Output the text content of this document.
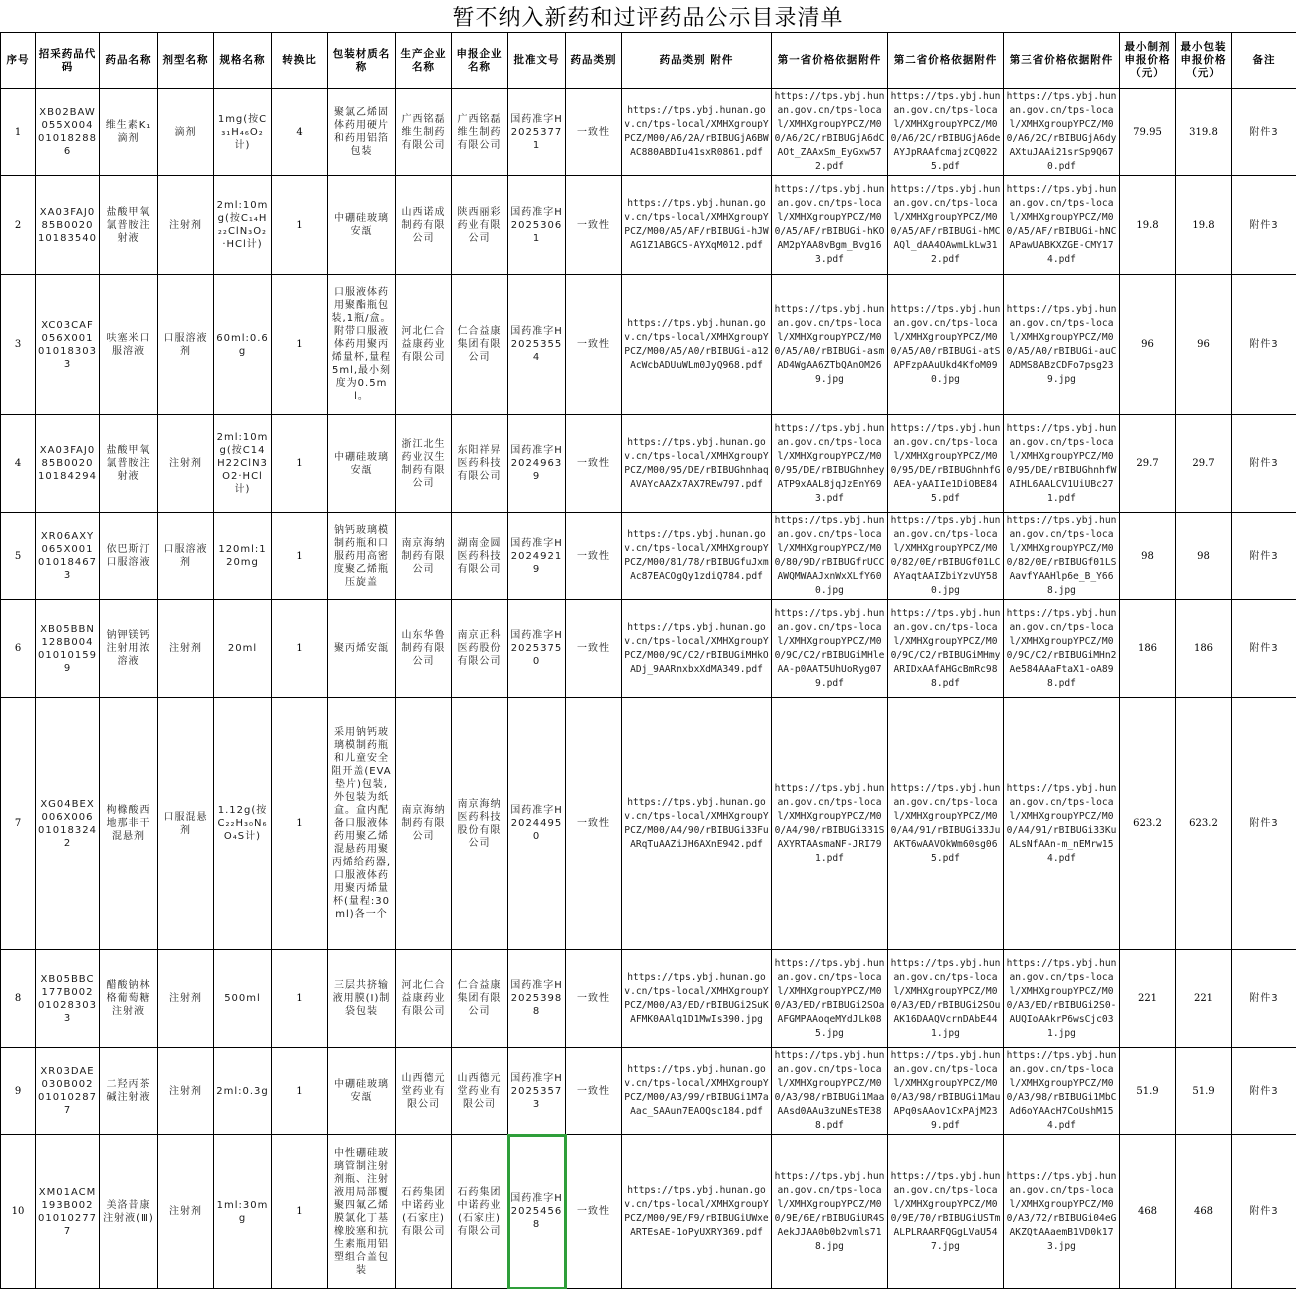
暂不纳入新药和过评药品公示目录清单
序号	招采药品代码	药品名称	剂型名称	规格名称	转换比	包装材质名称	生产企业名称	申报企业名称	批准文号	药品类别	药品类别 附件	第一省价格依据附件	第二省价格依据附件	第三省价格依据附件	最小制剂申报价格（元）	最小包装申报价格（元）	备注
1	XB02BAW055X004010182886	维生素K₁滴剂	滴剂	1mg(按C₃₁H₄₆O₂计)	4	聚氯乙烯固体药用硬片和药用铝箔包装	广西铭磊维生制药有限公司	广西铭磊维生制药有限公司	国药准字H20253771	一致性	https://tps.ybj.hunan.gov.cn/tps-local/XMHXgroupYPCZ/M00/A6/2A/rBIBUGjA6BWAC880ABDIu41sxR0861.pdf	https://tps.ybj.hunan.gov.cn/tps-local/XMHXgroupYPCZ/M00/A6/2C/rBIBUGjA6dCAOt_ZAAxSm_EyGxw572.pdf	https://tps.ybj.hunan.gov.cn/tps-local/XMHXgroupYPCZ/M00/A6/2C/rBIBUGjA6deAYJpRAAfcmajzCQ0225.pdf	https://tps.ybj.hunan.gov.cn/tps-local/XMHXgroupYPCZ/M00/A6/2C/rBIBUGjA6dyAXtuJAAi21srSp9Q670.pdf	79.95	319.8	附件3
2	XA03FAJ085B002010183540	盐酸甲氧氯普胺注射液	注射剂	2ml:10mg(按C₁₄H₂₂ClN₃O₂·HCl计)	1	中硼硅玻璃安瓿	山西诺成制药有限公司	陕西丽彩药业有限公司	国药准字H20253061	一致性	https://tps.ybj.hunan.gov.cn/tps-local/XMHXgroupYPCZ/M00/A5/AF/rBIBUGi-hJWAG1Z1ABGCS-AYXqM012.pdf	https://tps.ybj.hunan.gov.cn/tps-local/XMHXgroupYPCZ/M00/A5/AF/rBIBUGi-hKOAM2pYAA8vBgm_Bvg163.pdf	https://tps.ybj.hunan.gov.cn/tps-local/XMHXgroupYPCZ/M00/A5/AF/rBIBUGi-hMCAQl_dAA4OAwmLkLw312.pdf	https://tps.ybj.hunan.gov.cn/tps-local/XMHXgroupYPCZ/M00/A5/AF/rBIBUGi-hNCAPawUABKXZGE-CMY174.pdf	19.8	19.8	附件3
3	XC03CAF056X001010183033	呋塞米口服溶液	口服溶液剂	60ml:0.6g	1	口服液体药用聚酯瓶包装,1瓶/盒。附带口服液体药用聚丙烯量杯,量程5ml,最小刻度为0.5ml。	河北仁合益康药业有限公司	仁合益康集团有限公司	国药准字H20253554	一致性	https://tps.ybj.hunan.gov.cn/tps-local/XMHXgroupYPCZ/M00/A5/A0/rBIBUGi-a12AcWcbADUuWLm0JyQ968.pdf	https://tps.ybj.hunan.gov.cn/tps-local/XMHXgroupYPCZ/M00/A5/A0/rBIBUGi-asmAD4WgAA6ZTbQAnOM269.jpg	https://tps.ybj.hunan.gov.cn/tps-local/XMHXgroupYPCZ/M00/A5/A0/rBIBUGi-atSAPFzpAAuUkd4KfoM090.jpg	https://tps.ybj.hunan.gov.cn/tps-local/XMHXgroupYPCZ/M00/A5/A0/rBIBUGi-auCADMS8ABzCDFo7psg239.jpg	96	96	附件3
4	XA03FAJ085B002010184294	盐酸甲氧氯普胺注射液	注射剂	2ml:10mg(按C14H22ClN3O2·HCl计)	1	中硼硅玻璃安瓿	浙江北生药业汉生制药有限公司	东阳祥昇医药科技有限公司	国药准字H20249639	一致性	https://tps.ybj.hunan.gov.cn/tps-local/XMHXgroupYPCZ/M00/95/DE/rBIBUGhnhaqAVAYcAAZx7AX7REw797.pdf	https://tps.ybj.hunan.gov.cn/tps-local/XMHXgroupYPCZ/M00/95/DE/rBIBUGhnheyATP9xAAL8jqJzEnY693.pdf	https://tps.ybj.hunan.gov.cn/tps-local/XMHXgroupYPCZ/M00/95/DE/rBIBUGhnhfGAEA-yAAIIe1DiOBE845.pdf	https://tps.ybj.hunan.gov.cn/tps-local/XMHXgroupYPCZ/M00/95/DE/rBIBUGhnhfWAIHL6AALCV1UiUBc271.pdf	29.7	29.7	附件3
5	XR06AXY065X001010184673	依巴斯汀口服溶液	口服溶液剂	120ml:120mg	1	钠钙玻璃模制药瓶和口服药用高密度聚乙烯瓶压旋盖	南京海纳制药有限公司	湖南金圆医药科技有限公司	国药准字H20249219	一致性	https://tps.ybj.hunan.gov.cn/tps-local/XMHXgroupYPCZ/M00/81/78/rBIBUGfuJxmAc87EACOgQy1zdiQ784.pdf	https://tps.ybj.hunan.gov.cn/tps-local/XMHXgroupYPCZ/M00/80/9D/rBIBUGfrUCCAWQMWAAJxnWxXLfY600.jpg	https://tps.ybj.hunan.gov.cn/tps-local/XMHXgroupYPCZ/M00/82/0E/rBIBUGf01LCAYaqtAAIZbiYzvUY580.jpg	https://tps.ybj.hunan.gov.cn/tps-local/XMHXgroupYPCZ/M00/82/0E/rBIBUGf01LSAavfYAAHlp6e_B_Y668.jpg	98	98	附件3
6	XB05BBN128B004010101599	钠钾镁钙注射用浓溶液	注射剂	20ml	1	聚丙烯安瓿	山东华鲁制药有限公司	南京正科医药股份有限公司	国药准字H20253750	一致性	https://tps.ybj.hunan.gov.cn/tps-local/XMHXgroupYPCZ/M00/9C/C2/rBIBUGiMHkOADj_9AARnxbxXdMA349.pdf	https://tps.ybj.hunan.gov.cn/tps-local/XMHXgroupYPCZ/M00/9C/C2/rBIBUGiMHleAA-p0AAT5UhUoRyg079.pdf	https://tps.ybj.hunan.gov.cn/tps-local/XMHXgroupYPCZ/M00/9C/C2/rBIBUGiMHmyARIDxAAfAHGcBmRc988.pdf	https://tps.ybj.hunan.gov.cn/tps-local/XMHXgroupYPCZ/M00/9C/C2/rBIBUGiMHn2Ae584AAaFtaX1-oA898.pdf	186	186	附件3
7	XG04BEX006X006010183242	枸橼酸西地那非干混悬剂	口服混悬剂	1.12g(按C₂₂H₃₀N₆O₄S计)	1	采用钠钙玻璃模制药瓶和儿童安全阻开盖(EVA垫片)包装,外包装为纸盒。盒内配备口服液体药用聚乙烯混悬药用聚丙烯给药器,口服液体药用聚丙烯量杯(量程:30ml)各一个	南京海纳制药有限公司	南京海纳医药科技股份有限公司	国药准字H20244950	一致性	https://tps.ybj.hunan.gov.cn/tps-local/XMHXgroupYPCZ/M00/A4/90/rBIBUGi33FuARqTuAAZiJH6AXnE942.pdf	https://tps.ybj.hunan.gov.cn/tps-local/XMHXgroupYPCZ/M00/A4/90/rBIBUGi331SAXYRTAAsmaNF-JRI791.pdf	https://tps.ybj.hunan.gov.cn/tps-local/XMHXgroupYPCZ/M00/A4/91/rBIBUGi33JuAKT6wAAVOkWm60sg065.pdf	https://tps.ybj.hunan.gov.cn/tps-local/XMHXgroupYPCZ/M00/A4/91/rBIBUGi33KuALsNfAAn-m_nEMrw154.pdf	623.2	623.2	附件3
8	XB05BBC177B002010283033	醋酸钠林格葡萄糖注射液	注射剂	500ml	1	三层共挤输液用膜(Ⅰ)制袋包装	河北仁合益康药业有限公司	仁合益康集团有限公司	国药准字H20253988	一致性	https://tps.ybj.hunan.gov.cn/tps-local/XMHXgroupYPCZ/M00/A3/ED/rBIBUGi2SuKAFMK0AAlq1D1MwIs390.jpg	https://tps.ybj.hunan.gov.cn/tps-local/XMHXgroupYPCZ/M00/A3/ED/rBIBUGi2SOaAFGMPAAoqeMYdJLk085.jpg	https://tps.ybj.hunan.gov.cn/tps-local/XMHXgroupYPCZ/M00/A3/ED/rBIBUGi2SOuAK16DAAQVcrnDAbE441.jpg	https://tps.ybj.hunan.gov.cn/tps-local/XMHXgroupYPCZ/M00/A3/ED/rBIBUGi2S0-AUQIoAAkrP6wsCjc031.jpg	221	221	附件3
9	XR03DAE030B002010102877	二羟丙茶碱注射液	注射剂	2ml:0.3g	1	中硼硅玻璃安瓿	山西德元堂药业有限公司	山西德元堂药业有限公司	国药准字H20253573	一致性	https://tps.ybj.hunan.gov.cn/tps-local/XMHXgroupYPCZ/M00/A3/99/rBIBUGi1M7aAac_SAAun7EAOQsc184.pdf	https://tps.ybj.hunan.gov.cn/tps-local/XMHXgroupYPCZ/M00/A3/98/rBIBUGi1MaaAAsd0AAu3zuNEsTE388.pdf	https://tps.ybj.hunan.gov.cn/tps-local/XMHXgroupYPCZ/M00/A3/98/rBIBUGi1MauAPq0sAAov1CxPAjM239.pdf	https://tps.ybj.hunan.gov.cn/tps-local/XMHXgroupYPCZ/M00/A3/98/rBIBUGi1MbCAd6oYAAcH7CoUshM154.pdf	51.9	51.9	附件3
10	XM01ACM193B002010102777	美洛昔康注射液(Ⅲ)	注射剂	1ml:30mg	1	中性硼硅玻璃管制注射剂瓶、注射液用局部覆聚四氟乙烯膜氯化丁基橡胶塞和抗生素瓶用铝塑组合盖包装	石药集团中诺药业(石家庄)有限公司	石药集团中诺药业(石家庄)有限公司	国药准字H20254568	一致性	https://tps.ybj.hunan.gov.cn/tps-local/XMHXgroupYPCZ/M00/9E/F9/rBIBUGiUWxeARTEsAE-1oPyUXRY369.pdf	https://tps.ybj.hunan.gov.cn/tps-local/XMHXgroupYPCZ/M00/9E/6E/rBIBUGiUR4SAekJJAA0b0b2vmls718.jpg	https://tps.ybj.hunan.gov.cn/tps-local/XMHXgroupYPCZ/M00/9E/70/rBIBUGiUSTmALPLRAARFQGgLVaU547.jpg	https://tps.ybj.hunan.gov.cn/tps-local/XMHXgroupYPCZ/M00/A3/72/rBIBUGi04eGAKZQtAAaemB1VD0k173.jpg	468	468	附件3
